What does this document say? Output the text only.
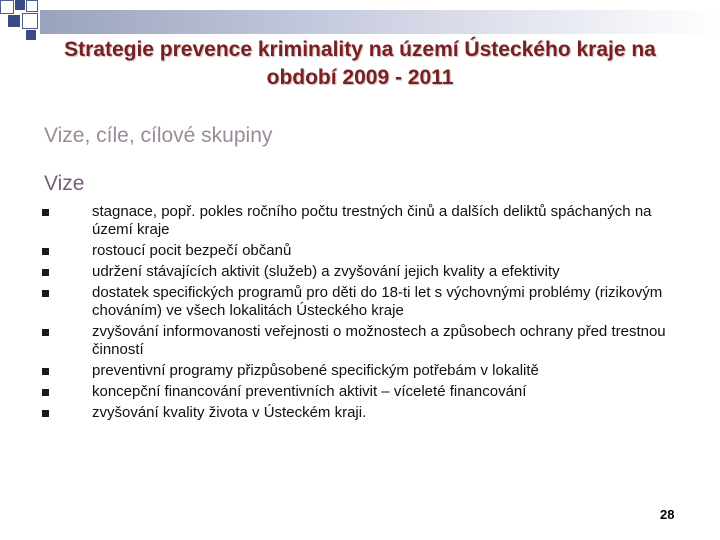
Strategie prevence kriminality na území Ústeckého kraje na období 2009 - 2011
Vize, cíle, cílové skupiny
Vize
stagnace, popř. pokles ročního počtu trestných činů a dalších deliktů spáchaných na území kraje
rostoucí pocit bezpečí občanů
udržení stávajících aktivit (služeb) a zvyšování jejich kvality a efektivity
dostatek specifických programů pro děti do 18-ti let s výchovnými problémy (rizikovým chováním) ve všech lokalitách Ústeckého kraje
zvyšování informovanosti veřejnosti o možnostech a způsobech ochrany před trestnou činností
preventivní programy přizpůsobené specifickým potřebám v lokalitě
koncepční financování preventivních aktivit – víceleté financování
zvyšování kvality života v Ústeckém kraji.
28
